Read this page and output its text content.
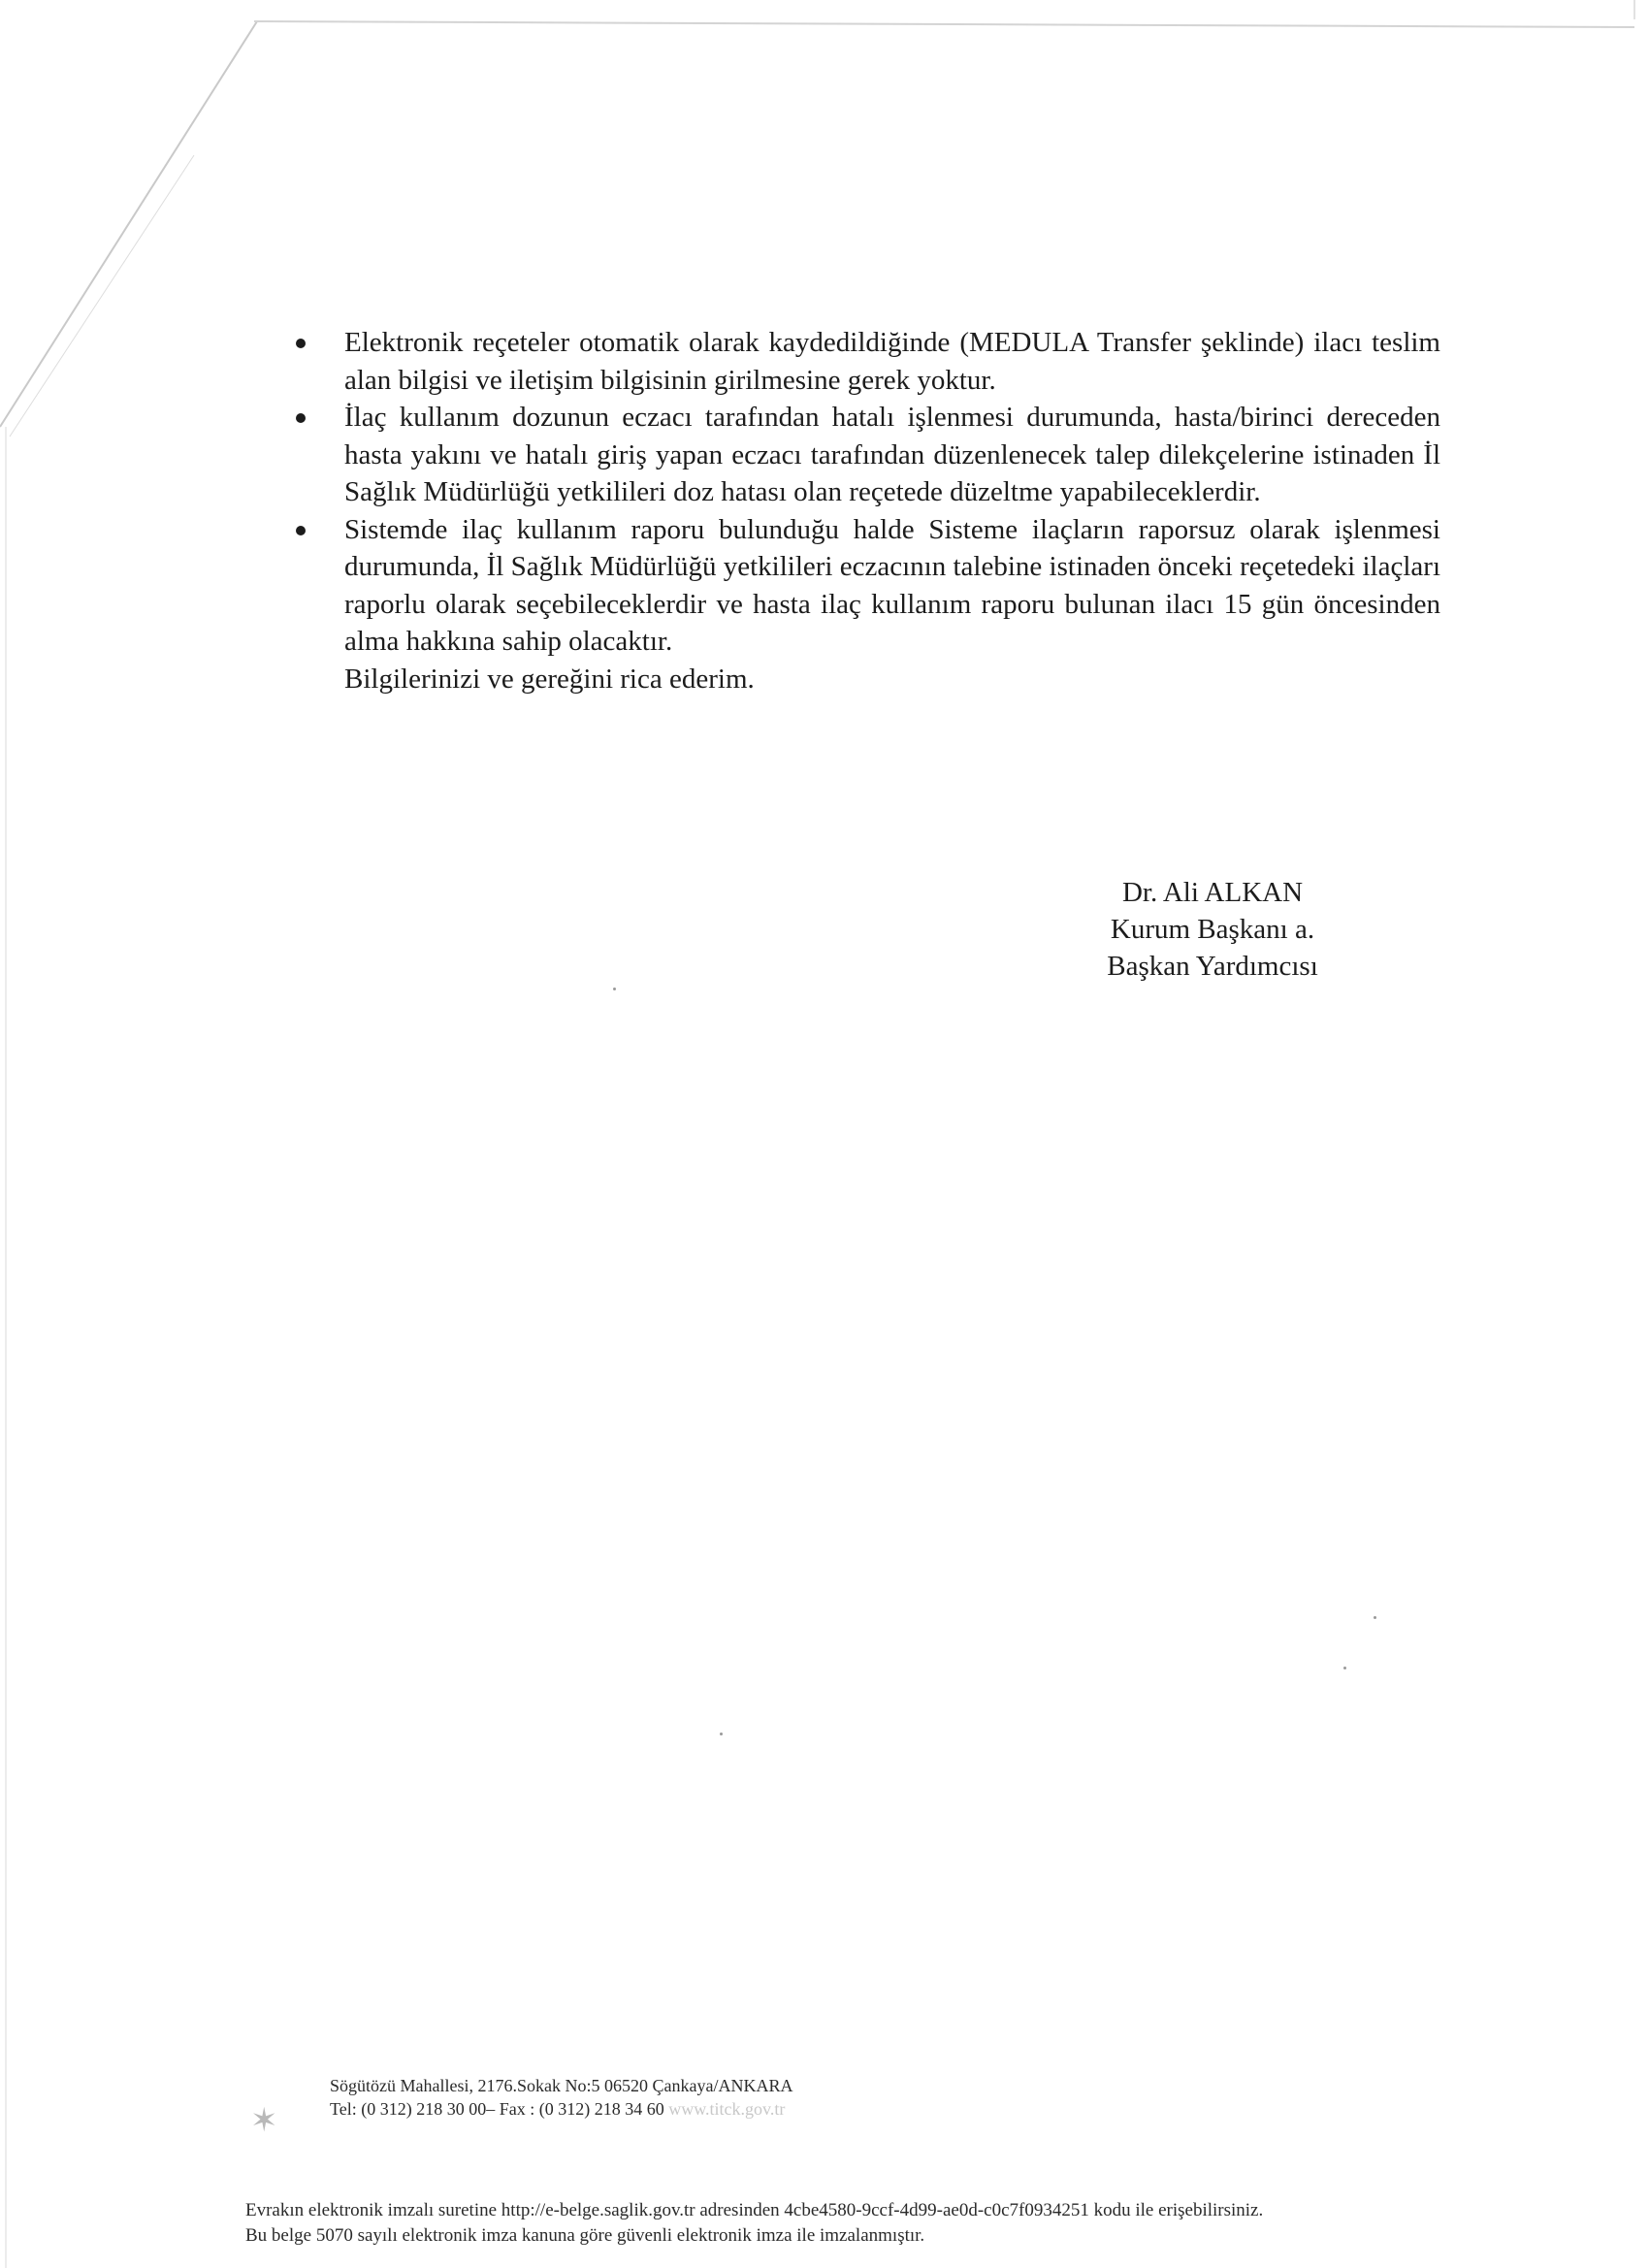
Elektronik reçeteler otomatik olarak kaydedildiğinde (MEDULA Transfer şeklinde) ilacı teslim alan bilgisi ve iletişim bilgisinin girilmesine gerek yoktur.
İlaç kullanım dozunun eczacı tarafından hatalı işlenmesi durumunda, hasta/birinci dereceden hasta yakını ve hatalı giriş yapan eczacı tarafından düzenlenecek talep dilekçelerine istinaden İl Sağlık Müdürlüğü yetkilileri doz hatası olan reçetede düzeltme yapabileceklerdir.
Sistemde ilaç kullanım raporu bulunduğu halde Sisteme ilaçların raporsuz olarak işlenmesi durumunda, İl Sağlık Müdürlüğü yetkilileri eczacının talebine istinaden önceki reçetedeki ilaçları raporlu olarak seçebileceklerdir ve hasta ilaç kullanım raporu bulunan ilacı 15 gün öncesinden alma hakkına sahip olacaktır.
Bilgilerinizi ve gereğini rica ederim.
Dr. Ali ALKAN
Kurum Başkanı a.
Başkan Yardımcısı
✶
Sögütözü Mahallesi, 2176.Sokak No:5 06520 Çankaya/ANKARA
Tel: (0 312) 218 30 00– Fax : (0 312) 218 34 60 www.titck.gov.tr
Evrakın elektronik imzalı suretine http://e-belge.saglik.gov.tr adresinden 4cbe4580-9ccf-4d99-ae0d-c0c7f0934251 kodu ile erişebilirsiniz.
Bu belge 5070 sayılı elektronik imza kanuna göre güvenli elektronik imza ile imzalanmıştır.
